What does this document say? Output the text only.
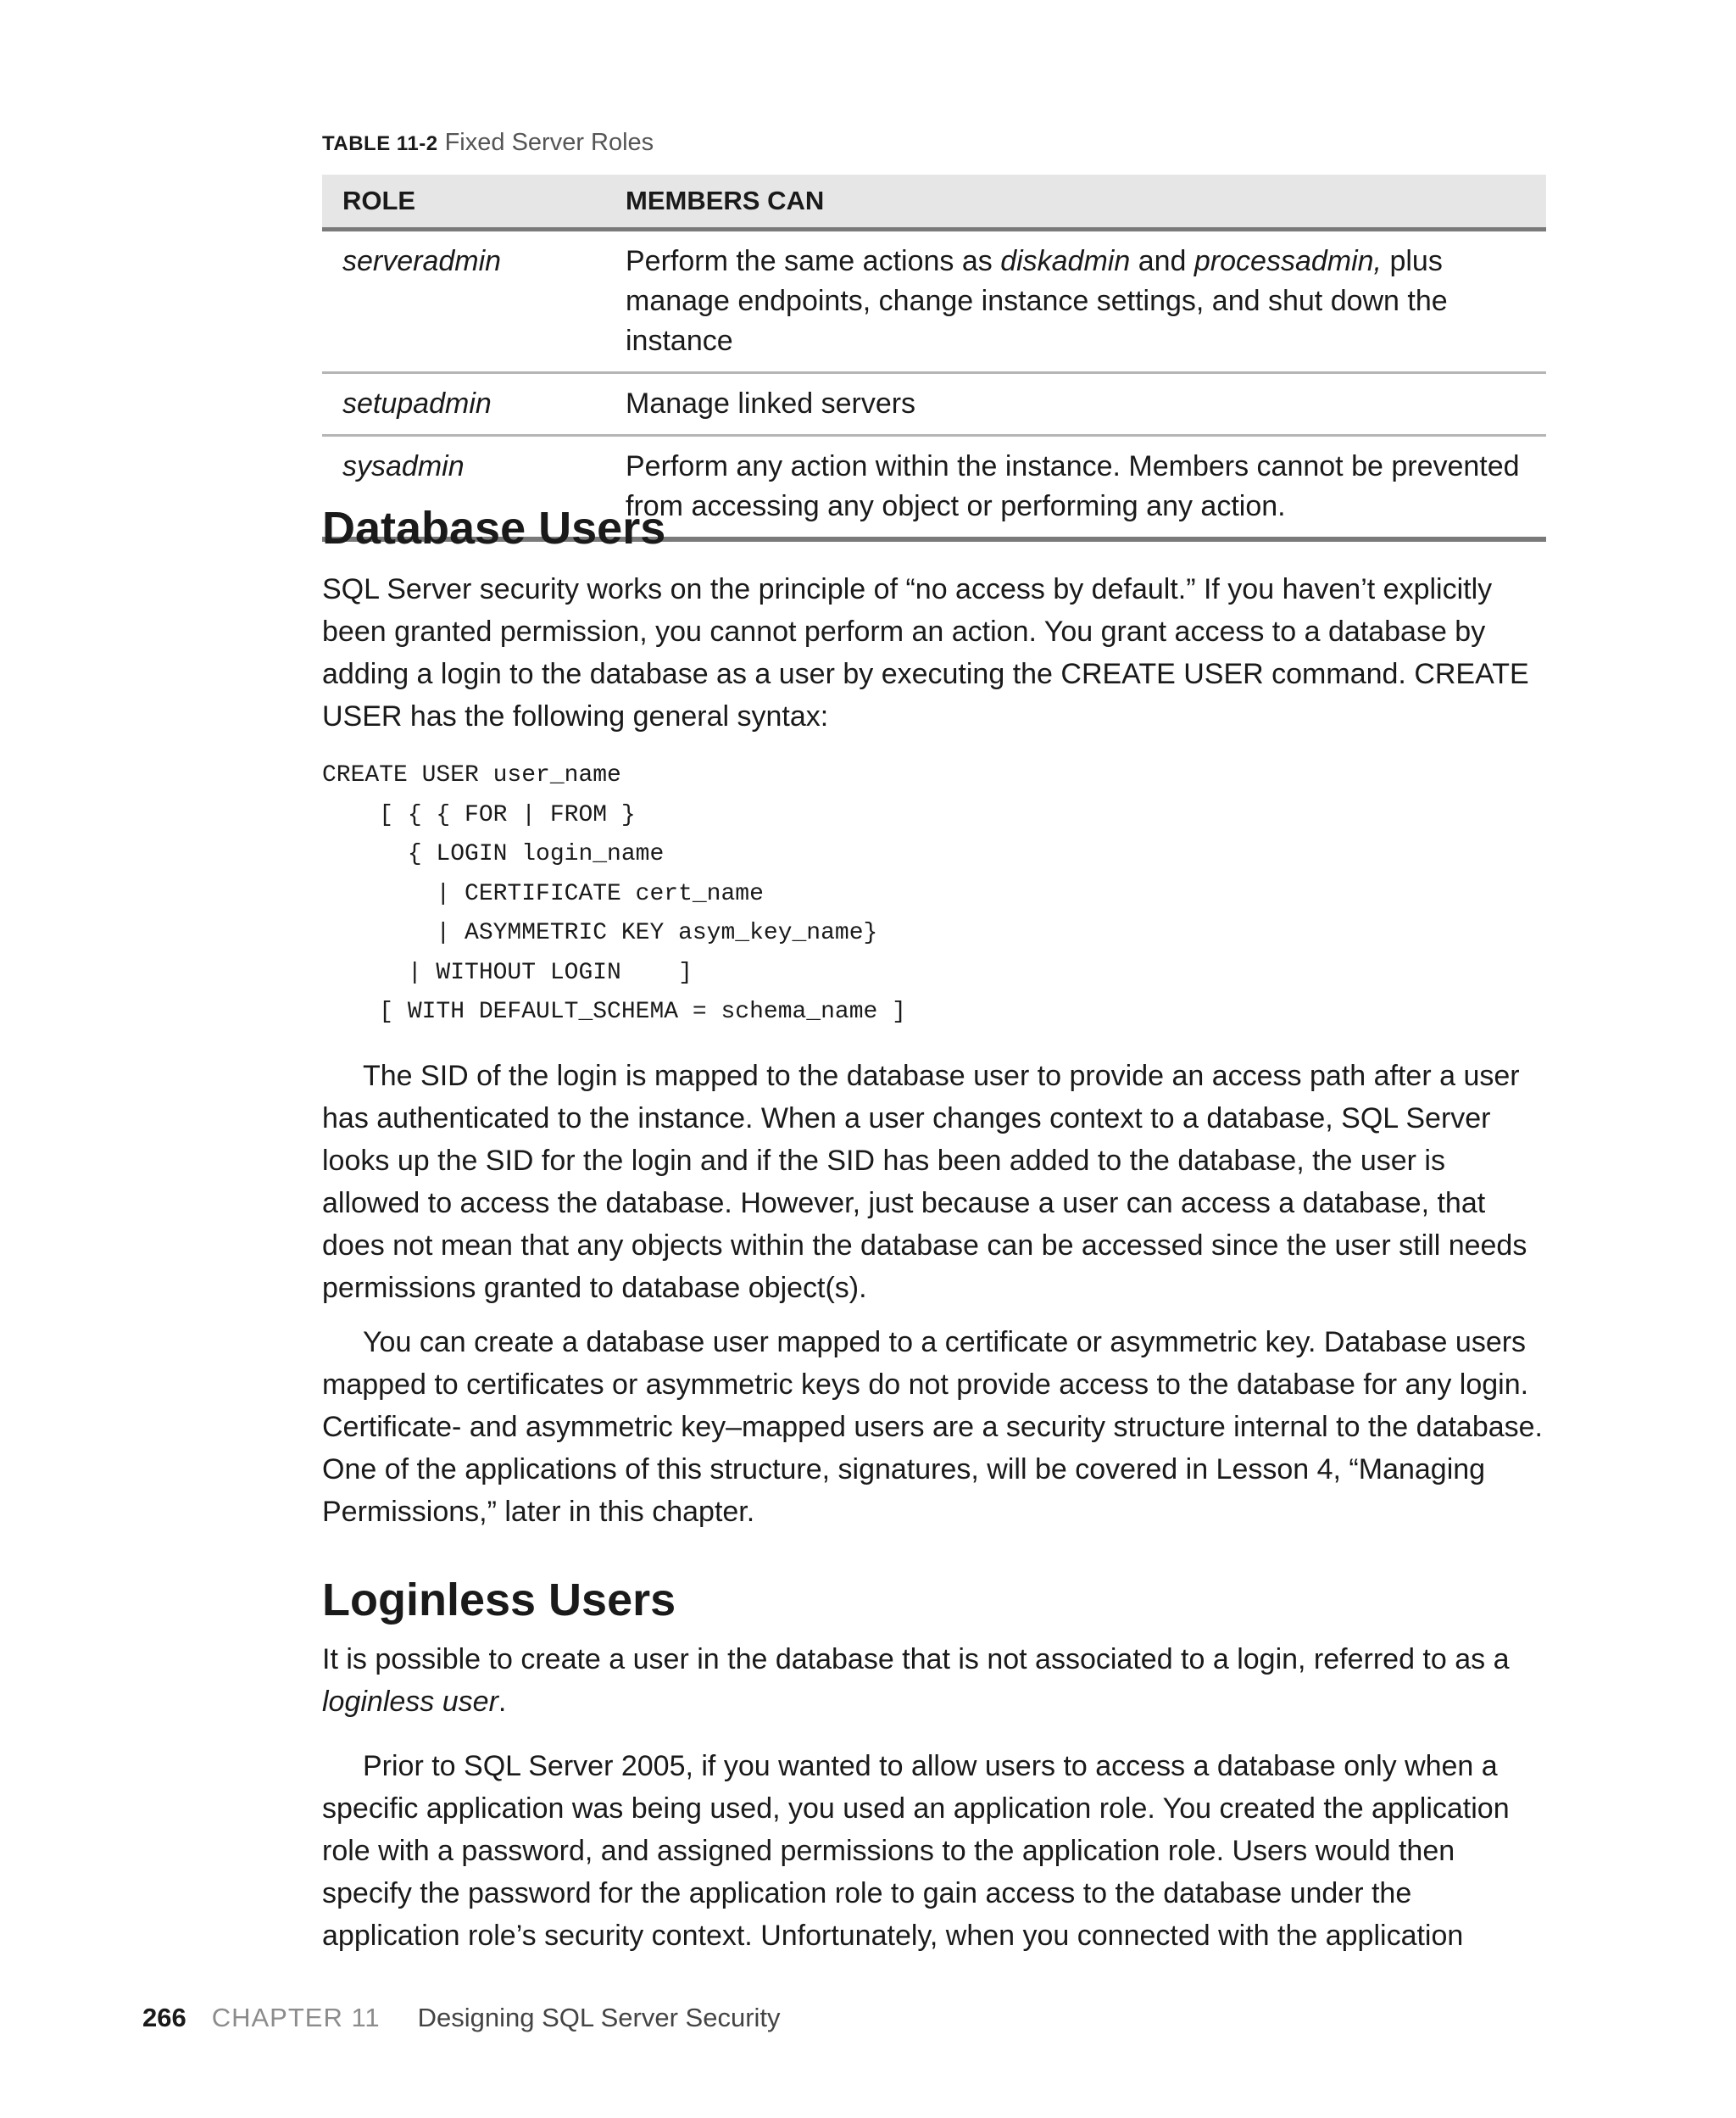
TABLE 11-2 Fixed Server Roles
ROLE	MEMBERS CAN
serveradmin	Perform the same actions as diskadmin and processadmin, plus manage endpoints, change instance settings, and shut down the instance
setupadmin	Manage linked servers
sysadmin	Perform any action within the instance. Members cannot be prevented from accessing any object or performing any action.
Database Users

SQL Server security works on the principle of “no access by default.” If you haven’t explicitly been granted permission, you cannot perform an action. You grant access to a database by adding a login to the database as a user by executing the CREATE USER command. CREATE USER has the following general syntax:

CREATE USER user_name
[ { { FOR | FROM }
{ LOGIN login_name
| CERTIFICATE cert_name
| ASYMMETRIC KEY asym_key_name}
| WITHOUT LOGIN    ]
[ WITH DEFAULT_SCHEMA = schema_name ]

The SID of the login is mapped to the database user to provide an access path after a user has authenticated to the instance. When a user changes context to a database, SQL Server looks up the SID for the login and if the SID has been added to the database, the user is allowed to access the database. However, just because a user can access a database, that does not mean that any objects within the database can be accessed since the user still needs permissions granted to database object(s).

You can create a database user mapped to a certificate or asymmetric key. Database users mapped to certificates or asymmetric keys do not provide access to the database for any login. Certificate- and asymmetric key–mapped users are a security structure internal to the database. One of the applications of this structure, signatures, will be covered in Lesson 4, “Managing Permissions,” later in this chapter.

Loginless Users

It is possible to create a user in the database that is not associated to a login, referred to as a loginless user.

Prior to SQL Server 2005, if you wanted to allow users to access a database only when a specific application was being used, you used an application role. You created the application role with a password, and assigned permissions to the application role. Users would then specify the password for the application role to gain access to the database under the application role’s security context. Unfortunately, when you connected with the application

266 CHAPTER 11 Designing SQL Server Security
